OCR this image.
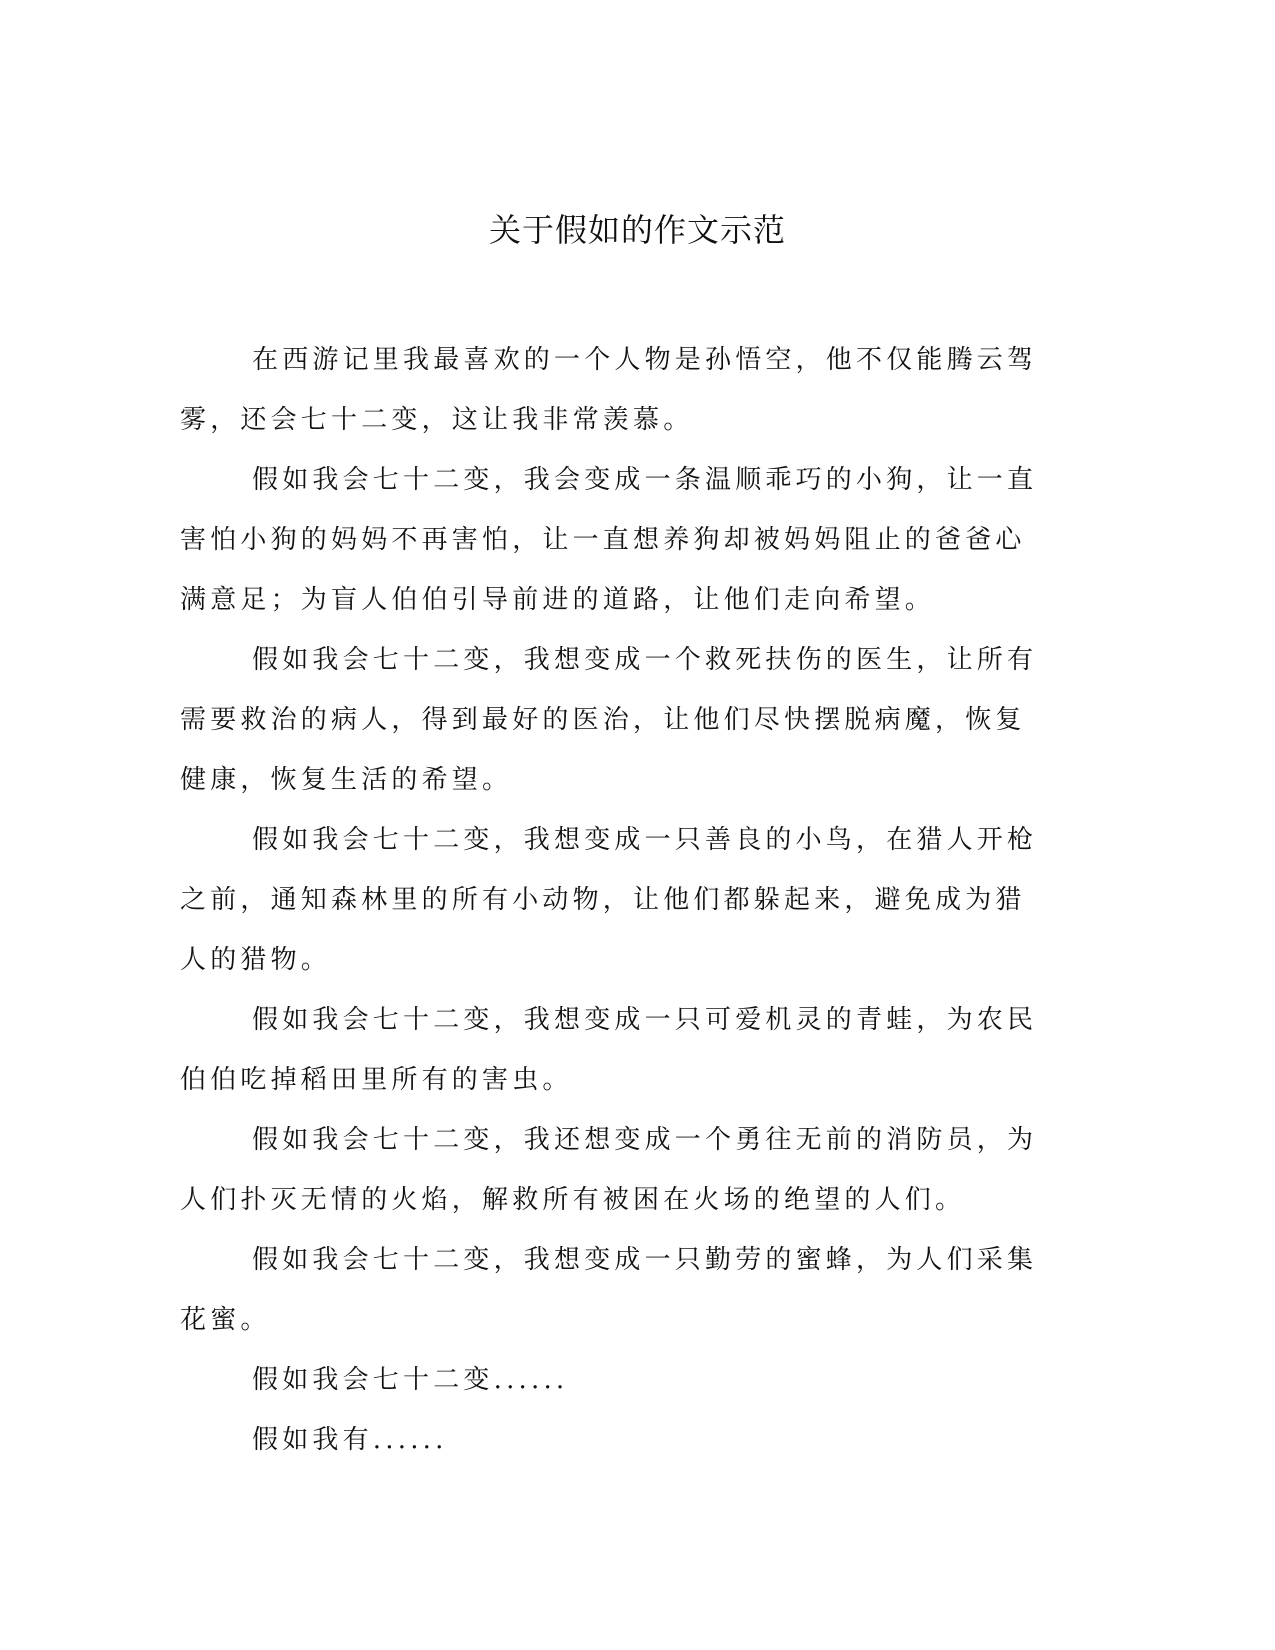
关于假如的作文示范

在西游记里我最喜欢的一个人物是孙悟空，他不仅能腾云驾雾，还会七十二变，这让我非常羡慕。

假如我会七十二变，我会变成一条温顺乖巧的小狗，让一直害怕小狗的妈妈不再害怕，让一直想养狗却被妈妈阻止的爸爸心满意足；为盲人伯伯引导前进的道路，让他们走向希望。

假如我会七十二变，我想变成一个救死扶伤的医生，让所有需要救治的病人，得到最好的医治，让他们尽快摆脱病魔，恢复健康，恢复生活的希望。

假如我会七十二变，我想变成一只善良的小鸟，在猎人开枪之前，通知森林里的所有小动物，让他们都躲起来，避免成为猎人的猎物。

假如我会七十二变，我想变成一只可爱机灵的青蛙，为农民伯伯吃掉稻田里所有的害虫。

假如我会七十二变，我还想变成一个勇往无前的消防员，为人们扑灭无情的火焰，解救所有被困在火场的绝望的人们。

假如我会七十二变，我想变成一只勤劳的蜜蜂，为人们采集花蜜。

假如我会七十二变......

假如我有......
